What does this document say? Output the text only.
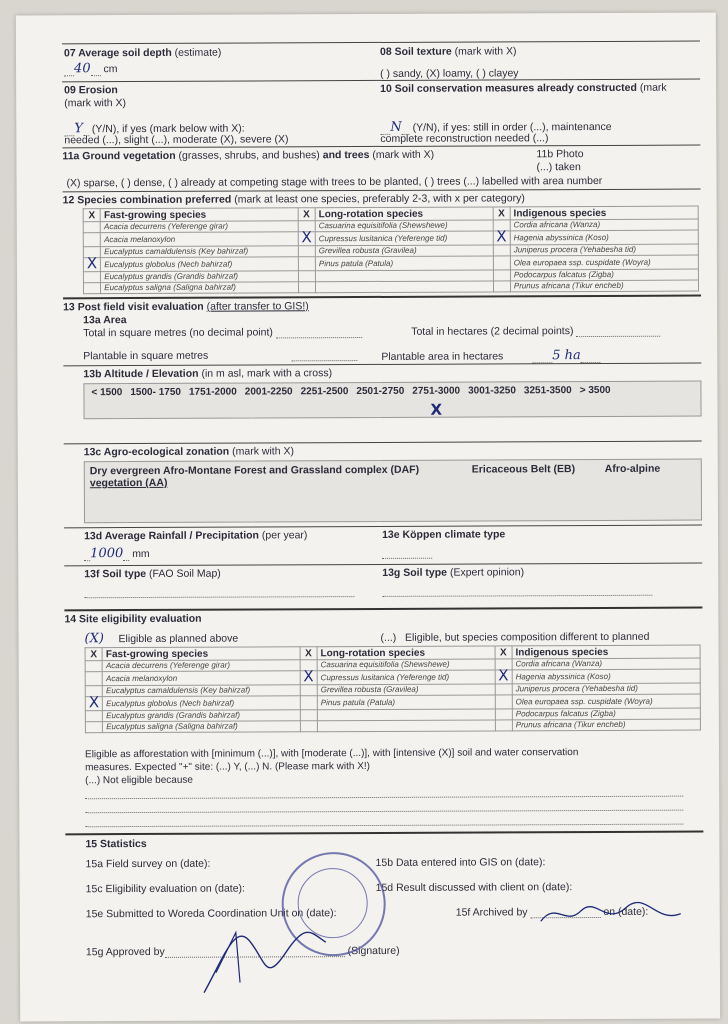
07 Average soil depth (estimate)
40 cm
08 Soil texture (mark with X)
( ) sandy, (X) loamy, ( ) clayey
09 Erosion
(mark with X)
Y (Y/N), if yes (mark below with X):
needed (...), slight (...), moderate (X), severe (X)
10 Soil conservation measures already constructed (mark
N (Y/N), if yes: still in order (...), maintenance
complete reconstruction needed (...)
11a Ground vegetation (grasses, shrubs, and bushes) and trees (mark with X)	11b Photo
(...) taken
(X) sparse, ( ) dense, ( ) already at competing stage with trees to be planted, ( ) trees (...) labelled with area number
12 Species combination preferred (mark at least one species, preferably 2-3, with x per category)
X	Fast-growing species	X	Long-rotation species	X	Indigenous species
	Acacia decurrens (Yeferenge girar)		Casuarina equisitifolia (Shewshewe)		Cordia africana (Wanza)
	Acacia melanoxylon	X	Cupressus lusitanica (Yeferenge tid)	X	Hagenia abyssinica (Koso)
	Eucalyptus camaldulensis (Key bahirzaf)		Grevillea robusta (Gravilea)		Juniperus procera (Yehabesha tid)
X	Eucalyptus globolus (Nech bahirzaf)		Pinus patula (Patula)		Olea europaea ssp. cuspidate (Woyra)
	Eucalyptus grandis (Grandis bahirzaf)				Podocarpus falcatus (Zigba)
	Eucalyptus saligna (Saligna bahirzaf)				Prunus africana (Tikur encheb)
13 Post field visit evaluation (after transfer to GIS!)
13a Area
Total in square metres (no decimal point)	Total in hectares (2 decimal points)
Plantable in square metres	Plantable area in hectares	5 ha
13b Altitude / Elevation (in m asl, mark with a cross)
< 1500	1500- 1750	1751-2000	2001-2250	2251-2500	2501-2750	2751-3000	3001-3250	3251-3500	> 3500
						X			
13c Agro-ecological zonation (mark with X)
Dry evergreen Afro-Montane Forest and Grassland complex (DAF)	Ericaceous Belt (EB)	Afro-alpine
vegetation (AA)
13d Average Rainfall / Precipitation (per year)
1000 mm
13e Köppen climate type
13f Soil type (FAO Soil Map)	13g Soil type (Expert opinion)
14 Site eligibility evaluation
(X) Eligible as planned above	(...) Eligible, but species composition different to planned
X	Fast-growing species	X	Long-rotation species	X	Indigenous species
	Acacia decurrens (Yeferenge girar)		Casuarina equisitifolia (Shewshewe)		Cordia africana (Wanza)
	Acacia melanoxylon	X	Cupressus lusitanica (Yeferenge tid)	X	Hagenia abyssinica (Koso)
	Eucalyptus camaldulensis (Key bahirzaf)		Grevillea robusta (Gravilea)		Juniperus procera (Yehabesha tid)
X	Eucalyptus globolus (Nech bahirzaf)		Pinus patula (Patula)		Olea europaea ssp. cuspidate (Woyra)
	Eucalyptus grandis (Grandis bahirzaf)				Podocarpus falcatus (Zigba)
	Eucalyptus saligna (Saligna bahirzaf)				Prunus africana (Tikur encheb)
Eligible as afforestation with [minimum (...)], with [moderate (...)], with [intensive (X)] soil and water conservation
measures. Expected "+" site: (...) Y, (...) N. (Please mark with X!)
(...) Not eligible because
15 Statistics
15a Field survey on (date):	15b Data entered into GIS on (date):
15c Eligibility evaluation on (date):	15d Result discussed with client on (date):
15e Submitted to Woreda Coordination Unit on (date):	15f Archived by	on (date):
15g Approved by	(Signature)
